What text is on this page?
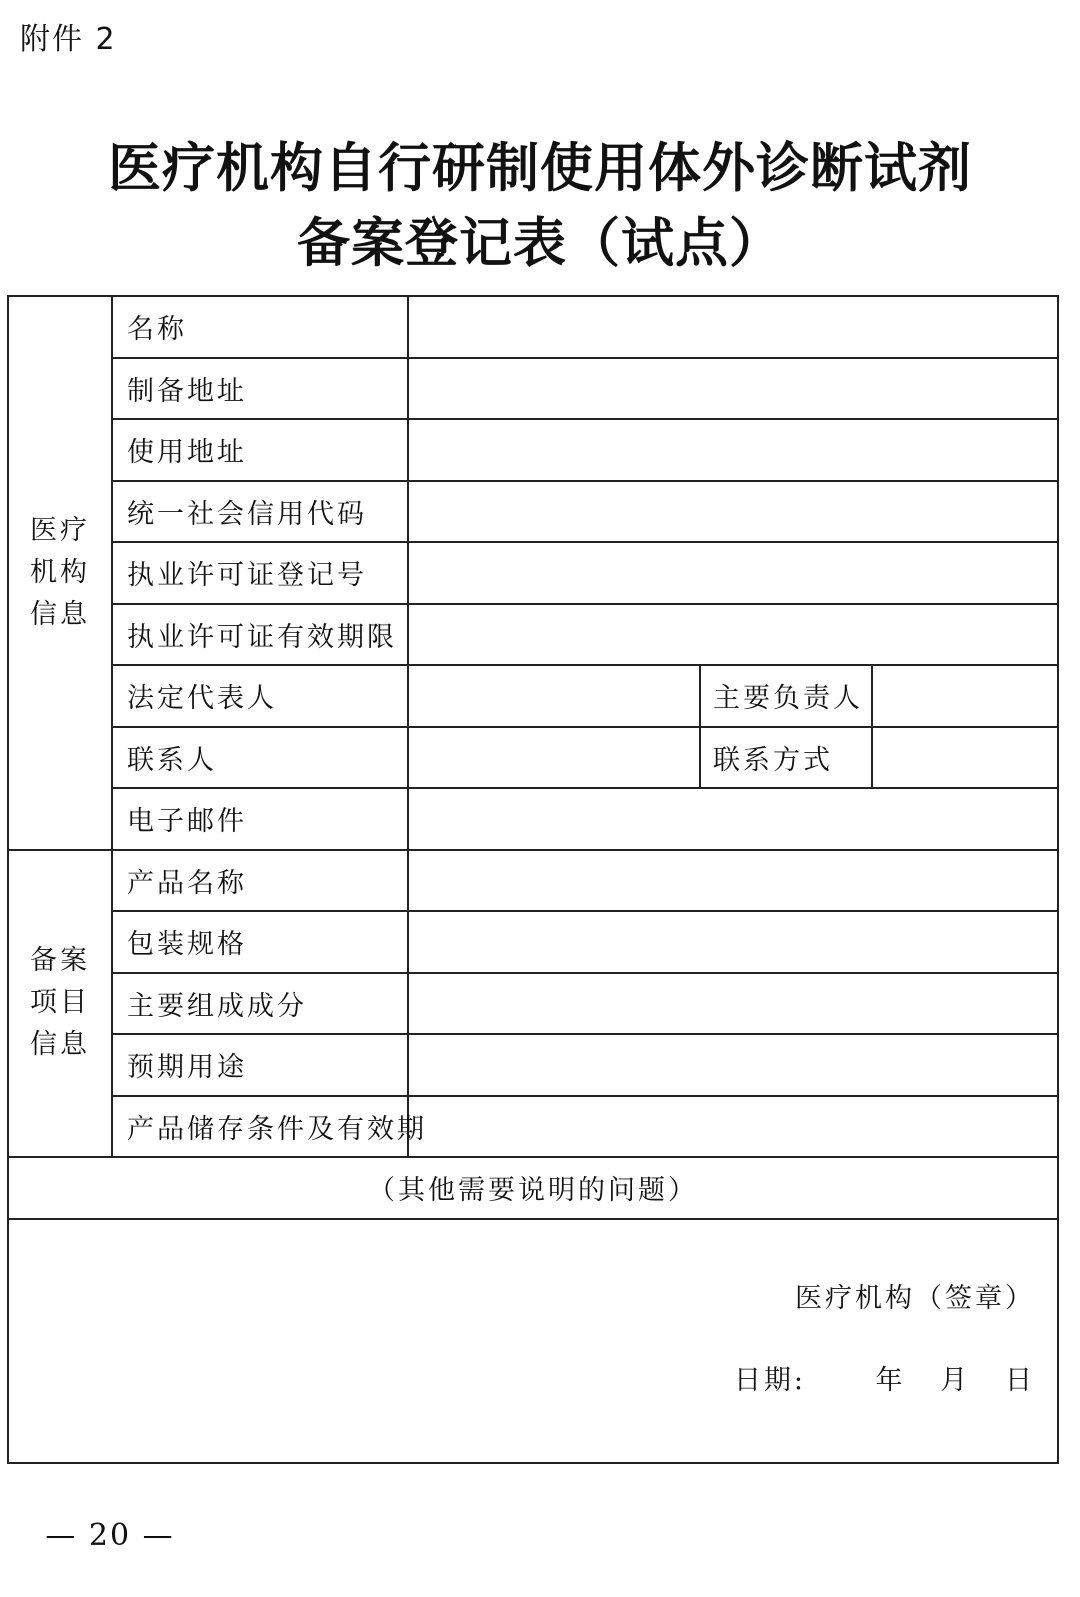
附件 2
医疗机构自行研制使用体外诊断试剂
备案登记表（试点）
医疗
机构
信息	名称			
	制备地址			
	使用地址			
	统一社会信用代码			
	执业许可证登记号			
	执业许可证有效期限			
	法定代表人		主要负责人	
	联系人		联系方式	
	电子邮件			

备案
项目
信息	产品名称			
	包装规格			
	主要组成成分			
	预期用途			
	产品储存条件及有效期			
（其他需要说明的问题）				

医疗机构（签章）
日期:      年   月   日				
— 20 —
